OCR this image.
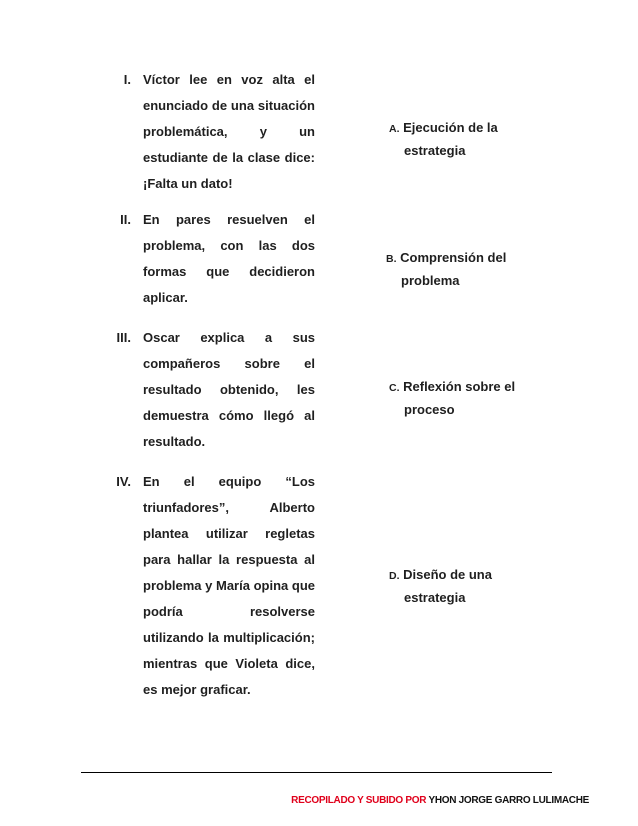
I. Víctor lee en voz alta el enunciado de una situación problemática, y un estudiante de la clase dice: ¡Falta un dato!
II. En pares resuelven el problema, con las dos formas que decidieron aplicar.
III. Oscar explica a sus compañeros sobre el resultado obtenido, les demuestra cómo llegó al resultado.
IV. En el equipo “Los triunfadores”, Alberto plantea utilizar regletas para hallar la respuesta al problema y María opina que podría resolverse utilizando la multiplicación; mientras que Violeta dice, es mejor graficar.
A. Ejecución de la
estrategia
B. Comprensión del
problema
C. Reflexión sobre el
proceso
D. Diseño de una
estrategia
RECOPILADO Y SUBIDO POR YHON JORGE GARRO LULIMACHE
